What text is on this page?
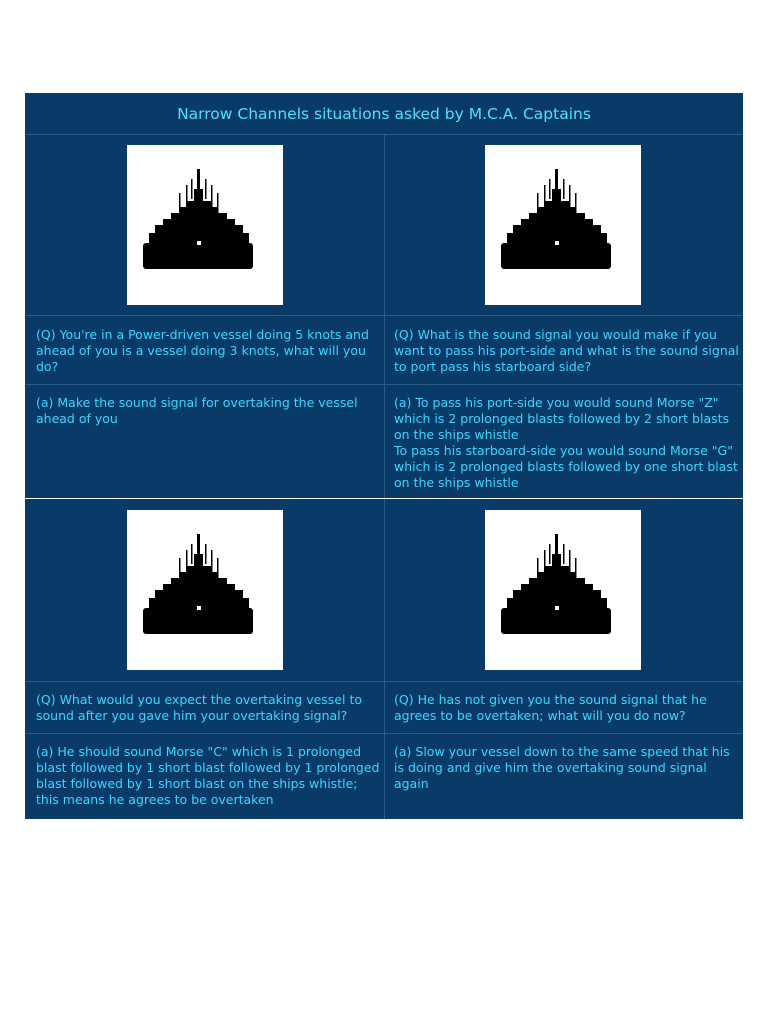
Narrow Channels situations asked by M.C.A. Captains
(Q) You're in a Power-driven vessel doing 5 knots and ahead of you is a vessel doing 3 knots, what will you do?
(Q) What is the sound signal you would make if you want to pass his port-side and what is the sound signal to port pass his starboard side?
(a) Make the sound signal for overtaking the vessel ahead of you
(a) To pass his port-side you would sound Morse "Z" which is 2 prolonged blasts followed by 2 short blasts on the ships whistle
To pass his starboard-side you would sound Morse "G" which is 2 prolonged blasts followed by one short blast on the ships whistle
(Q) What would you expect the overtaking vessel to sound after you gave him your overtaking signal?
(Q) He has not given you the sound signal that he agrees to be overtaken; what will you do now?
(a) He should sound Morse "C" which is 1 prolonged blast followed by 1 short blast followed by 1 prolonged blast followed by 1 short blast on the ships whistle; this means he agrees to be overtaken
(a) Slow your vessel down to the same speed that his is doing and give him the overtaking sound signal again
